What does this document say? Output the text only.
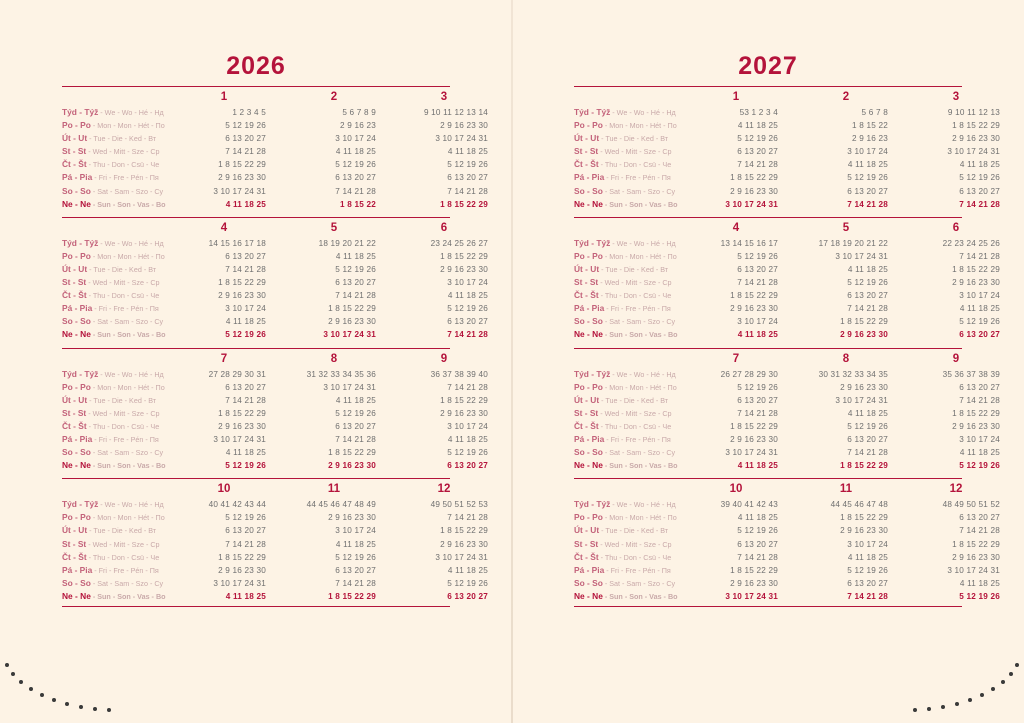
2026
1	2	3
Týd - Týž - We - Wo - Hé - Нд	1 2 3 4 5	5 6 7 8 9	9 10 11 12 13 14
Po - Po - Mon - Mon - Hét - По	5 12 19 26	2 9 16 23	2 9 16 23 30
Út - Ut - Tue - Die - Ked - Вт	6 13 20 27	3 10 17 24	3 10 17 24 31
St - St - Wed - Mitt - Sze - Ср	7 14 21 28	4 11 18 25	4 11 18 25
Čt - Št - Thu - Don - Csü - Че	1 8 15 22 29	5 12 19 26	5 12 19 26
Pá - Pia - Fri - Fre - Pén - Пя	2 9 16 23 30	6 13 20 27	6 13 20 27
So - So - Sat - Sam - Szo - Су	3 10 17 24 31	7 14 21 28	7 14 21 28
Ne - Ne - Sun - Son - Vas - Во	4 11 18 25	1 8 15 22	1 8 15 22 29
4	5	6
Týd - Týž - We - Wo - Hé - Нд	14 15 16 17 18	18 19 20 21 22	23 24 25 26 27
Po - Po - Mon - Mon - Hét - По	6 13 20 27	4 11 18 25	1 8 15 22 29
Út - Ut - Tue - Die - Ked - Вт	7 14 21 28	5 12 19 26	2 9 16 23 30
St - St - Wed - Mitt - Sze - Ср	1 8 15 22 29	6 13 20 27	3 10 17 24
Čt - Št - Thu - Don - Csü - Че	2 9 16 23 30	7 14 21 28	4 11 18 25
Pá - Pia - Fri - Fre - Pén - Пя	3 10 17 24	1 8 15 22 29	5 12 19 26
So - So - Sat - Sam - Szo - Су	4 11 18 25	2 9 16 23 30	6 13 20 27
Ne - Ne - Sun - Son - Vas - Во	5 12 19 26	3 10 17 24 31	7 14 21 28
7	8	9
Týd - Týž - We - Wo - Hé - Нд	27 28 29 30 31	31 32 33 34 35 36	36 37 38 39 40
Po - Po - Mon - Mon - Hét - По	6 13 20 27	3 10 17 24 31	7 14 21 28
Út - Ut - Tue - Die - Ked - Вт	7 14 21 28	4 11 18 25	1 8 15 22 29
St - St - Wed - Mitt - Sze - Ср	1 8 15 22 29	5 12 19 26	2 9 16 23 30
Čt - Št - Thu - Don - Csü - Че	2 9 16 23 30	6 13 20 27	3 10 17 24
Pá - Pia - Fri - Fre - Pén - Пя	3 10 17 24 31	7 14 21 28	4 11 18 25
So - So - Sat - Sam - Szo - Су	4 11 18 25	1 8 15 22 29	5 12 19 26
Ne - Ne - Sun - Son - Vas - Во	5 12 19 26	2 9 16 23 30	6 13 20 27
10	11	12
Týd - Týž - We - Wo - Hé - Нд	40 41 42 43 44	44 45 46 47 48 49	49 50 51 52 53
Po - Po - Mon - Mon - Hét - По	5 12 19 26	2 9 16 23 30	7 14 21 28
Út - Ut - Tue - Die - Ked - Вт	6 13 20 27	3 10 17 24	1 8 15 22 29
St - St - Wed - Mitt - Sze - Ср	7 14 21 28	4 11 18 25	2 9 16 23 30
Čt - Št - Thu - Don - Csü - Че	1 8 15 22 29	5 12 19 26	3 10 17 24 31
Pá - Pia - Fri - Fre - Pén - Пя	2 9 16 23 30	6 13 20 27	4 11 18 25
So - So - Sat - Sam - Szo - Су	3 10 17 24 31	7 14 21 28	5 12 19 26
Ne - Ne - Sun - Son - Vas - Во	4 11 18 25	1 8 15 22 29	6 13 20 27
2027
1	2	3
Týd - Týž - We - Wo - Hé - Нд	53 1 2 3 4	5 6 7 8	9 10 11 12 13
Po - Po - Mon - Mon - Hét - По	4 11 18 25	1 8 15 22	1 8 15 22 29
Út - Ut - Tue - Die - Ked - Вт	5 12 19 26	2 9 16 23	2 9 16 23 30
St - St - Wed - Mitt - Sze - Ср	6 13 20 27	3 10 17 24	3 10 17 24 31
Čt - Št - Thu - Don - Csü - Че	7 14 21 28	4 11 18 25	4 11 18 25
Pá - Pia - Fri - Fre - Pén - Пя	1 8 15 22 29	5 12 19 26	5 12 19 26
So - So - Sat - Sam - Szo - Су	2 9 16 23 30	6 13 20 27	6 13 20 27
Ne - Ne - Sun - Son - Vas - Во	3 10 17 24 31	7 14 21 28	7 14 21 28
4	5	6
Týd - Týž - We - Wo - Hé - Нд	13 14 15 16 17	17 18 19 20 21 22	22 23 24 25 26
Po - Po - Mon - Mon - Hét - По	5 12 19 26	3 10 17 24 31	7 14 21 28
Út - Ut - Tue - Die - Ked - Вт	6 13 20 27	4 11 18 25	1 8 15 22 29
St - St - Wed - Mitt - Sze - Ср	7 14 21 28	5 12 19 26	2 9 16 23 30
Čt - Št - Thu - Don - Csü - Че	1 8 15 22 29	6 13 20 27	3 10 17 24
Pá - Pia - Fri - Fre - Pén - Пя	2 9 16 23 30	7 14 21 28	4 11 18 25
So - So - Sat - Sam - Szo - Су	3 10 17 24	1 8 15 22 29	5 12 19 26
Ne - Ne - Sun - Son - Vas - Во	4 11 18 25	2 9 16 23 30	6 13 20 27
7	8	9
Týd - Týž - We - Wo - Hé - Нд	26 27 28 29 30	30 31 32 33 34 35	35 36 37 38 39
Po - Po - Mon - Mon - Hét - По	5 12 19 26	2 9 16 23 30	6 13 20 27
Út - Ut - Tue - Die - Ked - Вт	6 13 20 27	3 10 17 24 31	7 14 21 28
St - St - Wed - Mitt - Sze - Ср	7 14 21 28	4 11 18 25	1 8 15 22 29
Čt - Št - Thu - Don - Csü - Че	1 8 15 22 29	5 12 19 26	2 9 16 23 30
Pá - Pia - Fri - Fre - Pén - Пя	2 9 16 23 30	6 13 20 27	3 10 17 24
So - So - Sat - Sam - Szo - Су	3 10 17 24 31	7 14 21 28	4 11 18 25
Ne - Ne - Sun - Son - Vas - Во	4 11 18 25	1 8 15 22 29	5 12 19 26
10	11	12
Týd - Týž - We - Wo - Hé - Нд	39 40 41 42 43	44 45 46 47 48	48 49 50 51 52
Po - Po - Mon - Mon - Hét - По	4 11 18 25	1 8 15 22 29	6 13 20 27
Út - Ut - Tue - Die - Ked - Вт	5 12 19 26	2 9 16 23 30	7 14 21 28
St - St - Wed - Mitt - Sze - Ср	6 13 20 27	3 10 17 24	1 8 15 22 29
Čt - Št - Thu - Don - Csü - Че	7 14 21 28	4 11 18 25	2 9 16 23 30
Pá - Pia - Fri - Fre - Pén - Пя	1 8 15 22 29	5 12 19 26	3 10 17 24 31
So - So - Sat - Sam - Szo - Су	2 9 16 23 30	6 13 20 27	4 11 18 25
Ne - Ne - Sun - Son - Vas - Во	3 10 17 24 31	7 14 21 28	5 12 19 26
